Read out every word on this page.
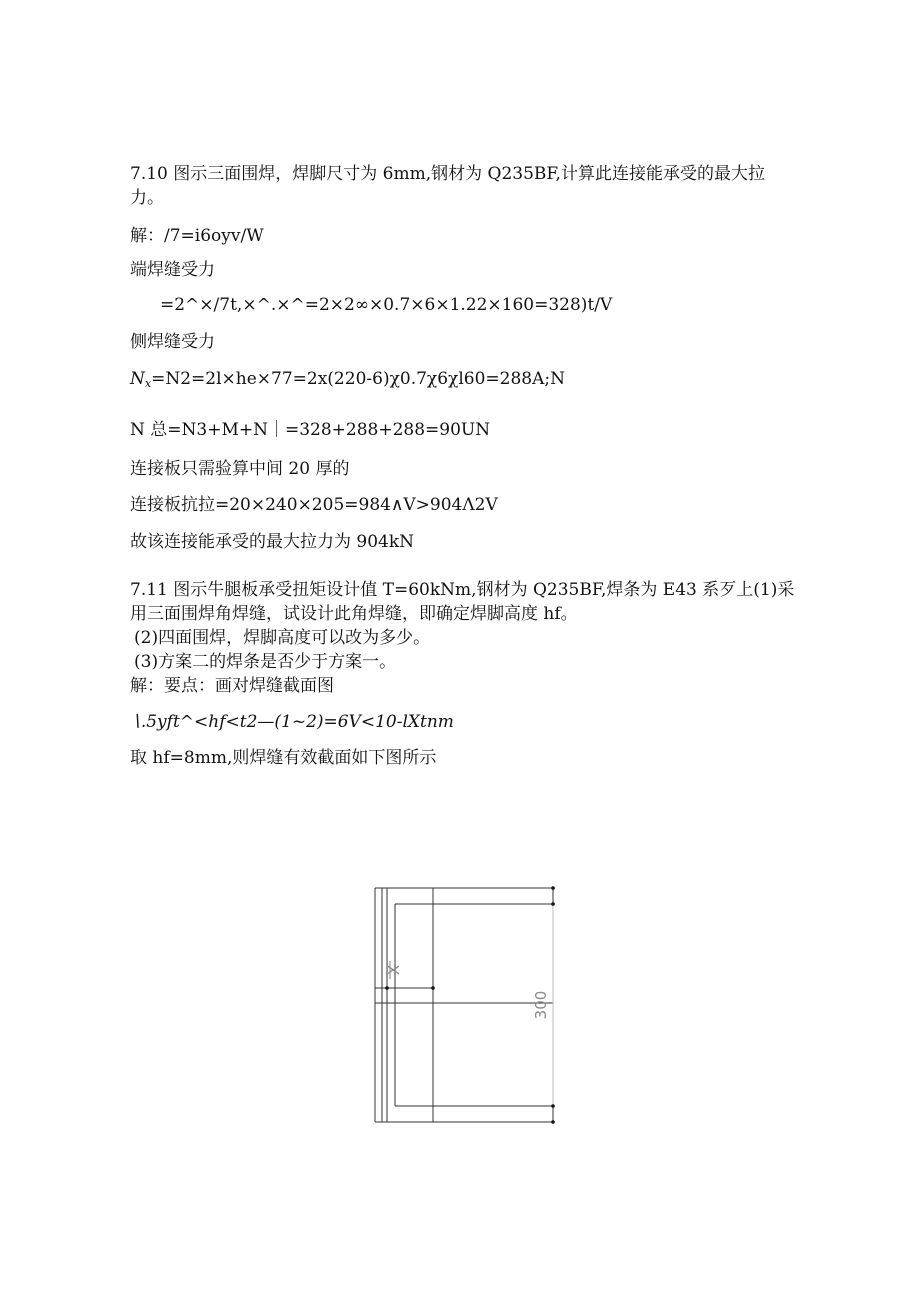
7.10 图示三面围焊，焊脚尺寸为 6mm,钢材为 Q235BF,计算此连接能承受的最大拉
力。
解：/7=i6oyv∕W
端焊缝受力
=2^×∕7t,×^.×^=2×2∞×0.7×6×1.22×160=328)t∕V
侧焊缝受力
Nx=N2=2l×he×77=2x(220-6)χ0.7χ6χl60=288A;N
N 总=N3+M+N｜=328+288+288=90UN
连接板只需验算中间 20 厚的
连接板抗拉=20×240×205=984∧V>904Λ2V
故该连接能承受的最大拉力为 904kN
7.11 图示牛腿板承受扭矩设计值 T=60kNm,钢材为 Q235BF,焊条为 E43 系歹上(1)采
用三面围焊角焊缝，试设计此角焊缝，即确定焊脚高度 hf。
(2)四面围焊，焊脚高度可以改为多少。
(3)方案二的焊条是否少于方案一。
解：要点：画对焊缝截面图
∖.5yft^<hf<t2—(1~2)=6V<10-lXtnm
取 hf=8mm,则焊缝有效截面如下图所示
X
300
